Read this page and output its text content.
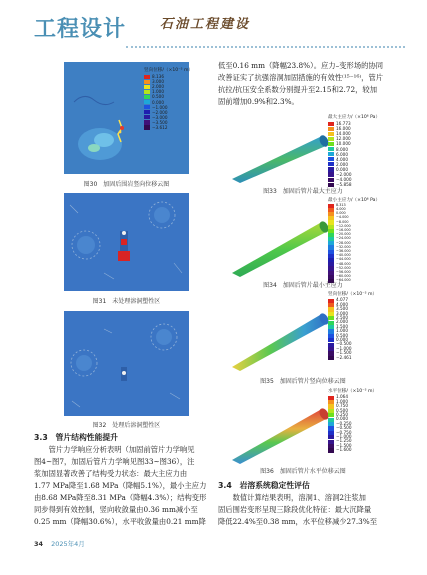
工程设计	石油工程建设
竖向位移/（×10⁻³ m）
8.136
3.000
2.000
1.000
0.500
0.000
−1.000
−2.000
−3.000
−3.500
−3.612
图30　加固后围岩竖向位移云图
图31　未处理溶洞塑性区
图32　处理后溶洞塑性区
3.3　管片结构性能提升
　　管片力学响应分析表明（加固前管片力学响见
图4~图7，加固后管片力学响见图33~图36），注
浆加固显著改善了结构受力状态：最大主应力由
1.77 MPa降至1.68 MPa（降幅5.1%），最小主应力
由8.68 MPa降至8.31 MPa（降幅4.3%）；结构变形
同步得到有效控制，竖向收敛量由0.36 mm减小至
0.25 mm（降幅30.6%），水平收敛量由0.21 mm降
低至0.16 mm（降幅23.8%）。应力–变形场的协同
改善证实了抗强溶洞加固措施的有效性⁽¹⁵⁻¹⁶⁾，管片
抗拉/抗压安全系数分别提升至2.15和2.72，较加
固前增加0.9%和2.3%。
最大主应力/（×10⁶ Pa）
16.773
16.000
14.000
12.000
10.000
8.000
6.000
4.000
2.000
0.000
−2.000
−4.000
−5.858
图33　加固后管片最大主应力
最小主应力/（×10⁶ Pa）
8.313
4.000
0.000
−4.000
−8.000
−12.000
−16.000
−20.000
−24.000
−28.000
−32.000
−36.000
−40.000
−44.000
−48.000
−52.000
−56.000
−60.000
−64.000
图34　加固后管片最小主应力
竖向位移/（×10⁻³ m）
4.077
4.000
3.500
3.000
2.500
2.000
1.500
1.000
0.500
0.000
−0.500
−1.000
−1.500
−2.461
图35　加固后管片竖向位移云图
水平位移/（×10⁻³ m）
1.064
1.000
0.750
0.500
0.250
0.000
−0.250
−0.500
−0.750
−1.000
−1.250
−1.500
−1.600
图36　加固后管片水平位移云图
3.4　岩溶系统稳定性评估
　　数值计算结果表明，溶洞1、溶洞2注浆加
固后围岩变形呈现三除段优化特征：最大沉降量
降低22.4%至0.38 mm，水平位移减少27.3%至
34 2025年4月
